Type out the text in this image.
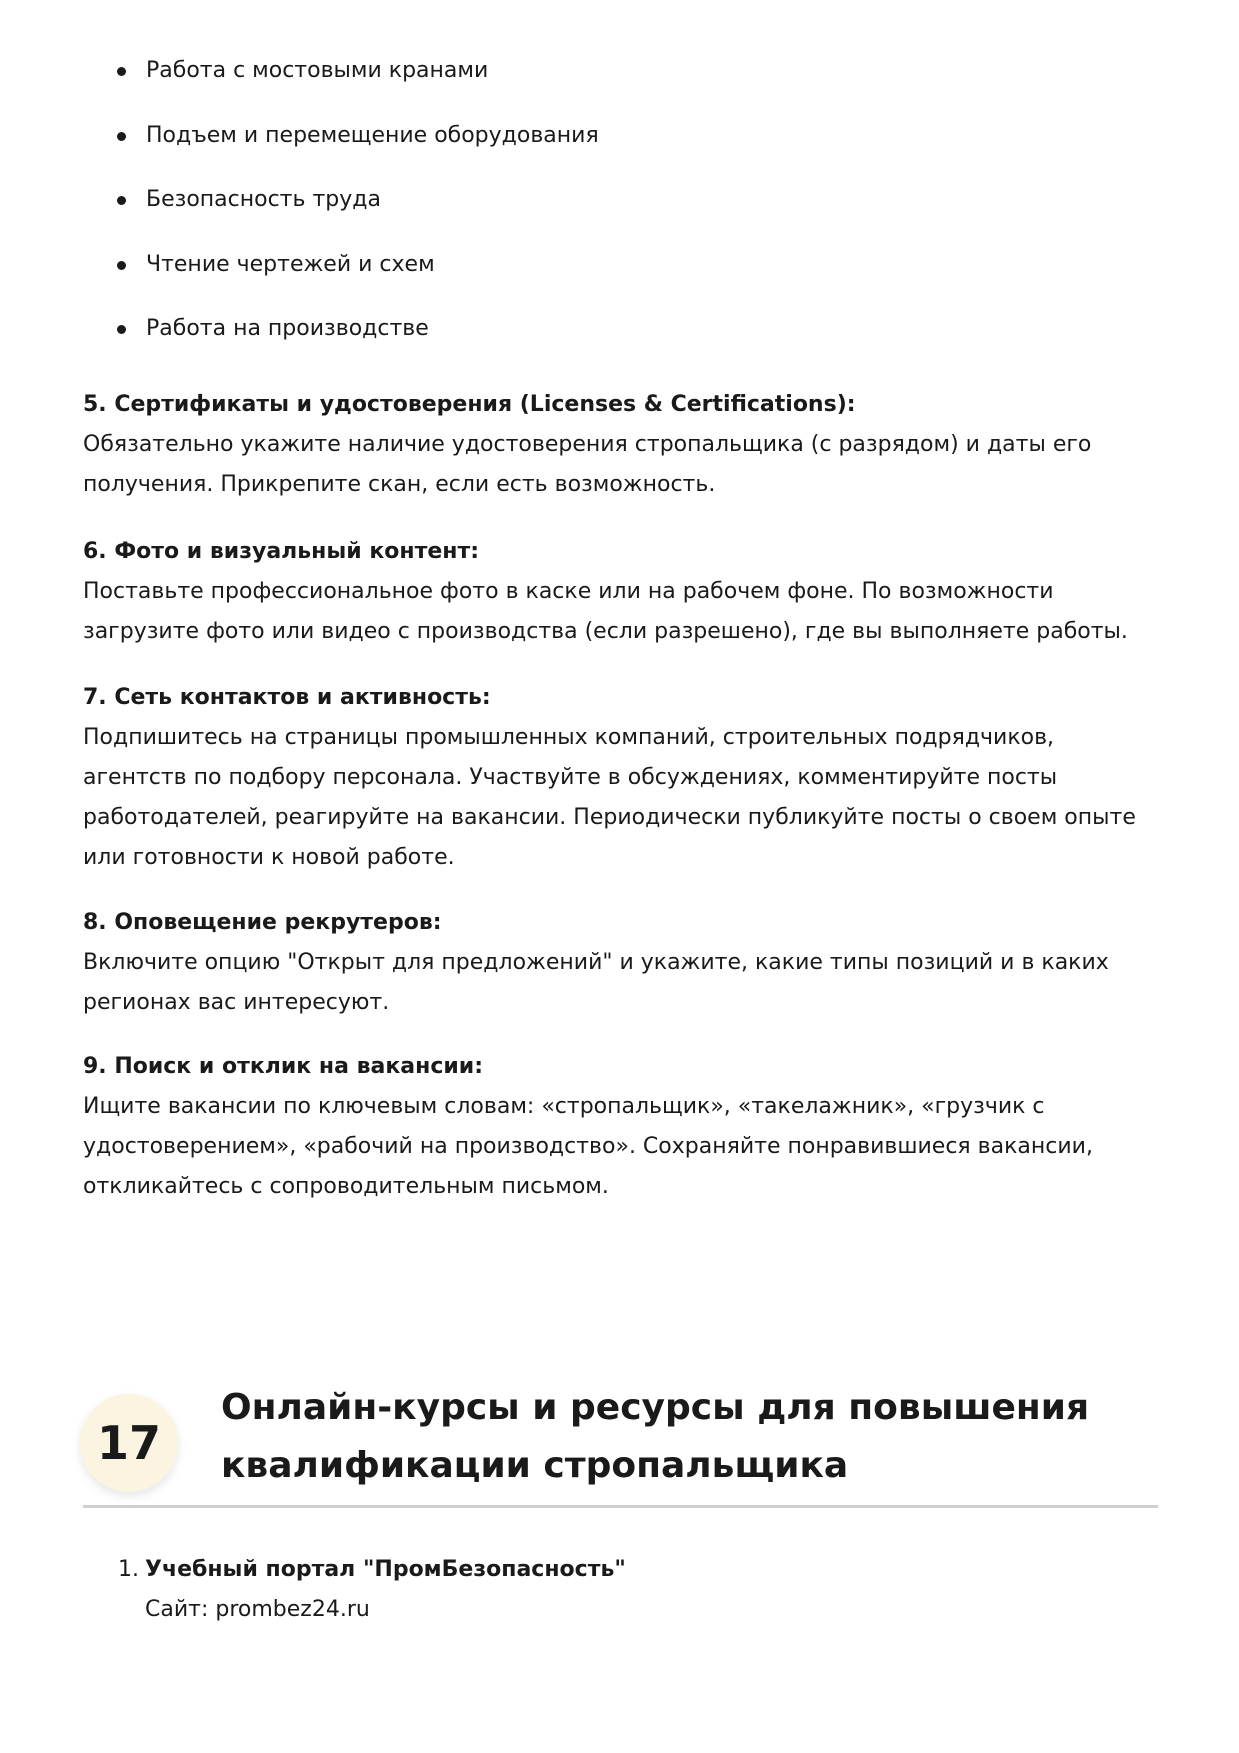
Работа с мостовыми кранами
Подъем и перемещение оборудования
Безопасность труда
Чтение чертежей и схем
Работа на производстве
5. Сертификаты и удостоверения (Licenses & Certifications):
Обязательно укажите наличие удостоверения стропальщика (с разрядом) и даты его получения. Прикрепите скан, если есть возможность.
6. Фото и визуальный контент:
Поставьте профессиональное фото в каске или на рабочем фоне. По возможности загрузите фото или видео с производства (если разрешено), где вы выполняете работы.
7. Сеть контактов и активность:
Подпишитесь на страницы промышленных компаний, строительных подрядчиков, агентств по подбору персонала. Участвуйте в обсуждениях, комментируйте посты работодателей, реагируйте на вакансии. Периодически публикуйте посты о своем опыте или готовности к новой работе.
8. Оповещение рекрутеров:
Включите опцию "Открыт для предложений" и укажите, какие типы позиций и в каких регионах вас интересуют.
9. Поиск и отклик на вакансии:
Ищите вакансии по ключевым словам: «стропальщик», «такелажник», «грузчик с удостоверением», «рабочий на производство». Сохраняйте понравившиеся вакансии, откликайтесь с сопроводительным письмом.
17
Онлайн-курсы и ресурсы для повышения
квалификации стропальщика
1. Учебный портал "ПромБезопасность"
Сайт: prombez24.ru
